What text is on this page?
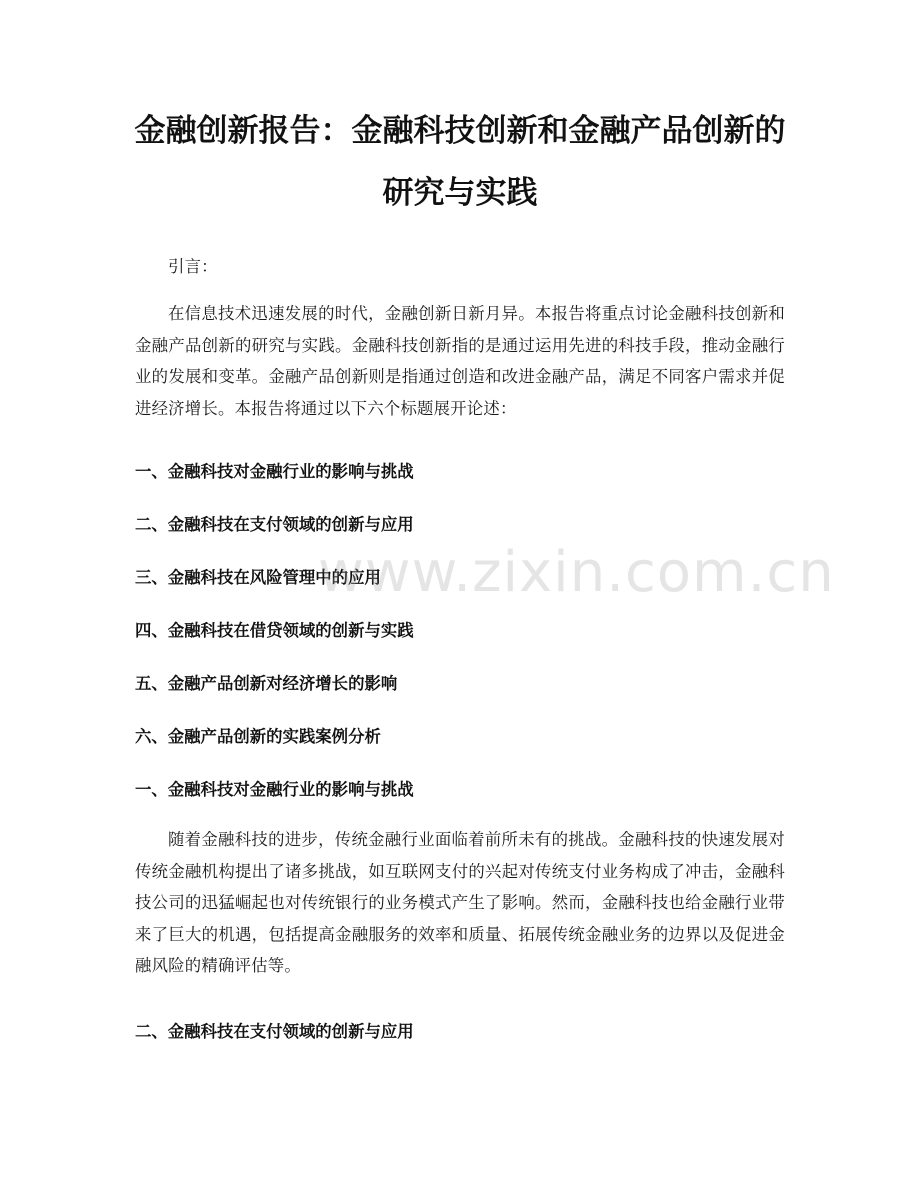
金融创新报告：金融科技创新和金融产品创新的研究与实践

引言：

在信息技术迅速发展的时代，金融创新日新月异。本报告将重点讨论金融科技创新和金融产品创新的研究与实践。金融科技创新指的是通过运用先进的科技手段，推动金融行业的发展和变革。金融产品创新则是指通过创造和改进金融产品，满足不同客户需求并促进经济增长。本报告将通过以下六个标题展开论述：

一、金融科技对金融行业的影响与挑战

二、金融科技在支付领域的创新与应用

三、金融科技在风险管理中的应用

四、金融科技在借贷领域的创新与实践

五、金融产品创新对经济增长的影响

六、金融产品创新的实践案例分析

一、金融科技对金融行业的影响与挑战

随着金融科技的进步，传统金融行业面临着前所未有的挑战。金融科技的快速发展对传统金融机构提出了诸多挑战，如互联网支付的兴起对传统支付业务构成了冲击，金融科技公司的迅猛崛起也对传统银行的业务模式产生了影响。然而，金融科技也给金融行业带来了巨大的机遇，包括提高金融服务的效率和质量、拓展传统金融业务的边界以及促进金融风险的精确评估等。

二、金融科技在支付领域的创新与应用

www.zixin.com.cn
